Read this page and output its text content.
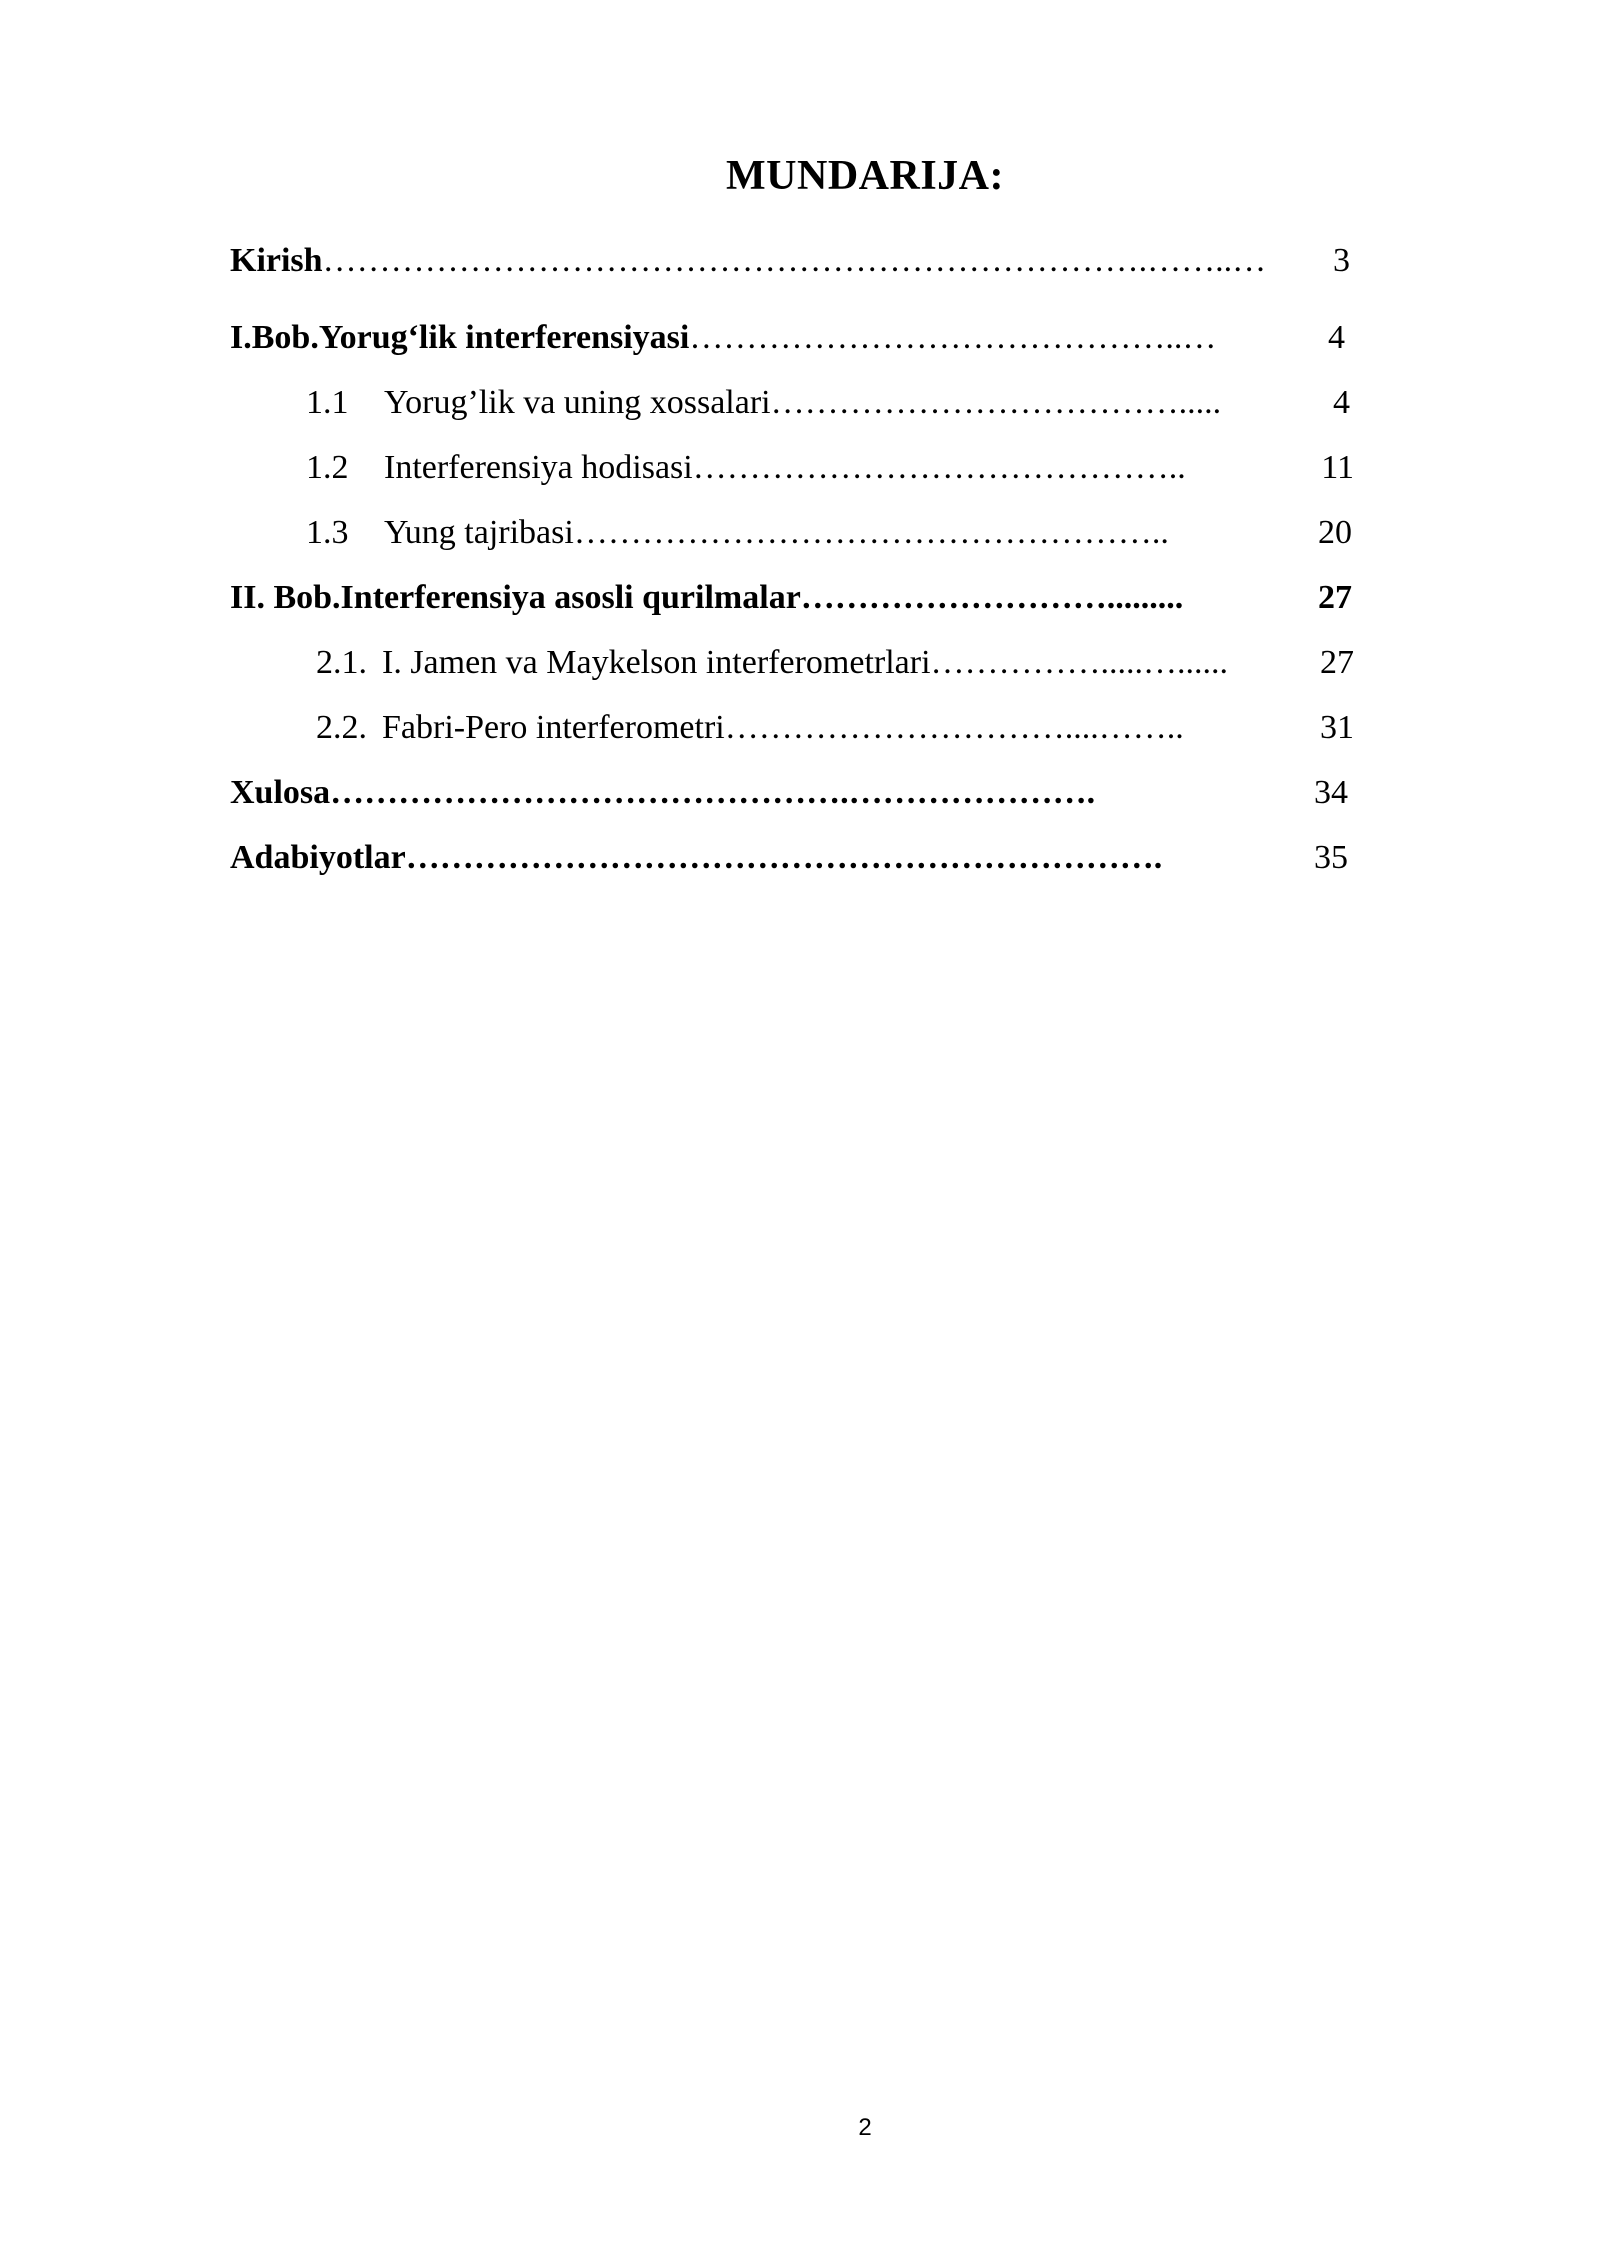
MUNDARIJA:
Kirish ……………………………………………………………….……..…	3
I.Bob.Yorug‘lik interferensiyasi ……………………………………..…	4
1.1	Yorug’lik va uning xossalari ……………………………….....	4
1.2	Interferensiya hodisasi ……………………………………..	11
1.3	Yung tajribasi ……………………………………………..	20
II. Bob.Interferensiya asosli qurilmalar ……………………….........	27
2.1. I. Jamen va Maykelson interferometrlari …………….....…......	27
2.2. Fabri-Pero interferometri …………………………....……..	31
Xulosa ……………………………………….………………….	34
Adabiyotlar ………………………………………………………….	35
2
